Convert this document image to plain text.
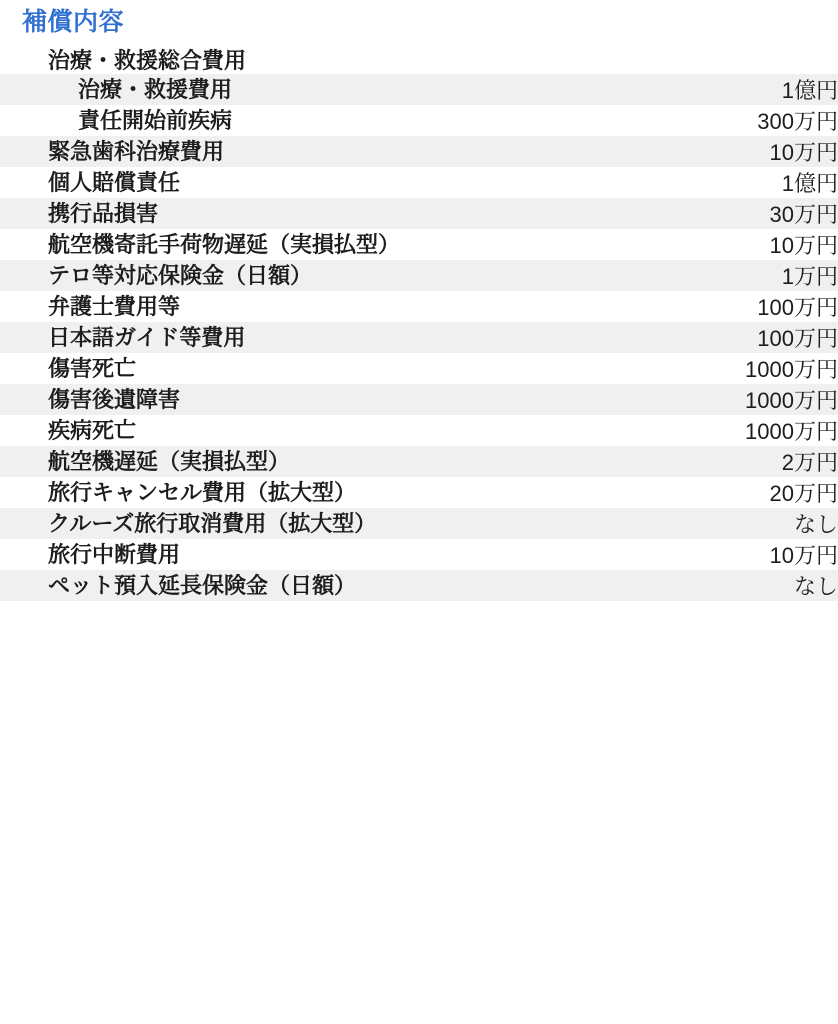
補償内容
治療・救援総合費用	
治療・救援費用	1億円
責任開始前疾病	300万円
緊急歯科治療費用	10万円
個人賠償責任	1億円
携行品損害	30万円
航空機寄託手荷物遅延（実損払型）	10万円
テロ等対応保険金（日額）	1万円
弁護士費用等	100万円
日本語ガイド等費用	100万円
傷害死亡	1000万円
傷害後遺障害	1000万円
疾病死亡	1000万円
航空機遅延（実損払型）	2万円
旅行キャンセル費用（拡大型）	20万円
クルーズ旅行取消費用（拡大型）	なし
旅行中断費用	10万円
ペット預入延長保険金（日額）	なし
